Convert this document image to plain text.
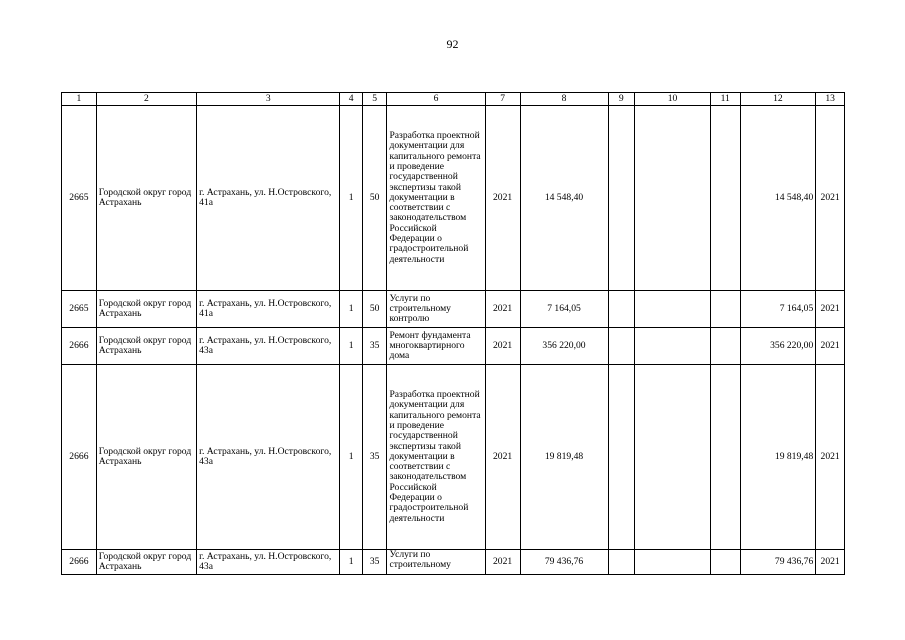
92
1	2	3	4	5	6	7	8	9	10	11	12	13
2665	Городской округ город Астрахань	г. Астрахань, ул. Н.Островского, 41а	1	50	Разработка проектной документации для капитального ремонта и проведение государственной экспертизы такой документации в соответствии с законодательством Российской Федерации о градостроительной деятельности	2021	14 548,40				14 548,40	2021
2665	Городской округ город Астрахань	г. Астрахань, ул. Н.Островского, 41а	1	50	Услуги по строительному контролю	2021	7 164,05				7 164,05	2021
2666	Городской округ город Астрахань	г. Астрахань, ул. Н.Островского, 43а	1	35	Ремонт фундамента многоквартирного дома	2021	356 220,00				356 220,00	2021
2666	Городской округ город Астрахань	г. Астрахань, ул. Н.Островского, 43а	1	35	Разработка проектной документации для капитального ремонта и проведение государственной экспертизы такой документации в соответствии с законодательством Российской Федерации о градостроительной деятельности	2021	19 819,48				19 819,48	2021
2666	Городской округ город Астрахань	г. Астрахань, ул. Н.Островского, 43а	1	35	Услуги по строительному	2021	79 436,76				79 436,76	2021
